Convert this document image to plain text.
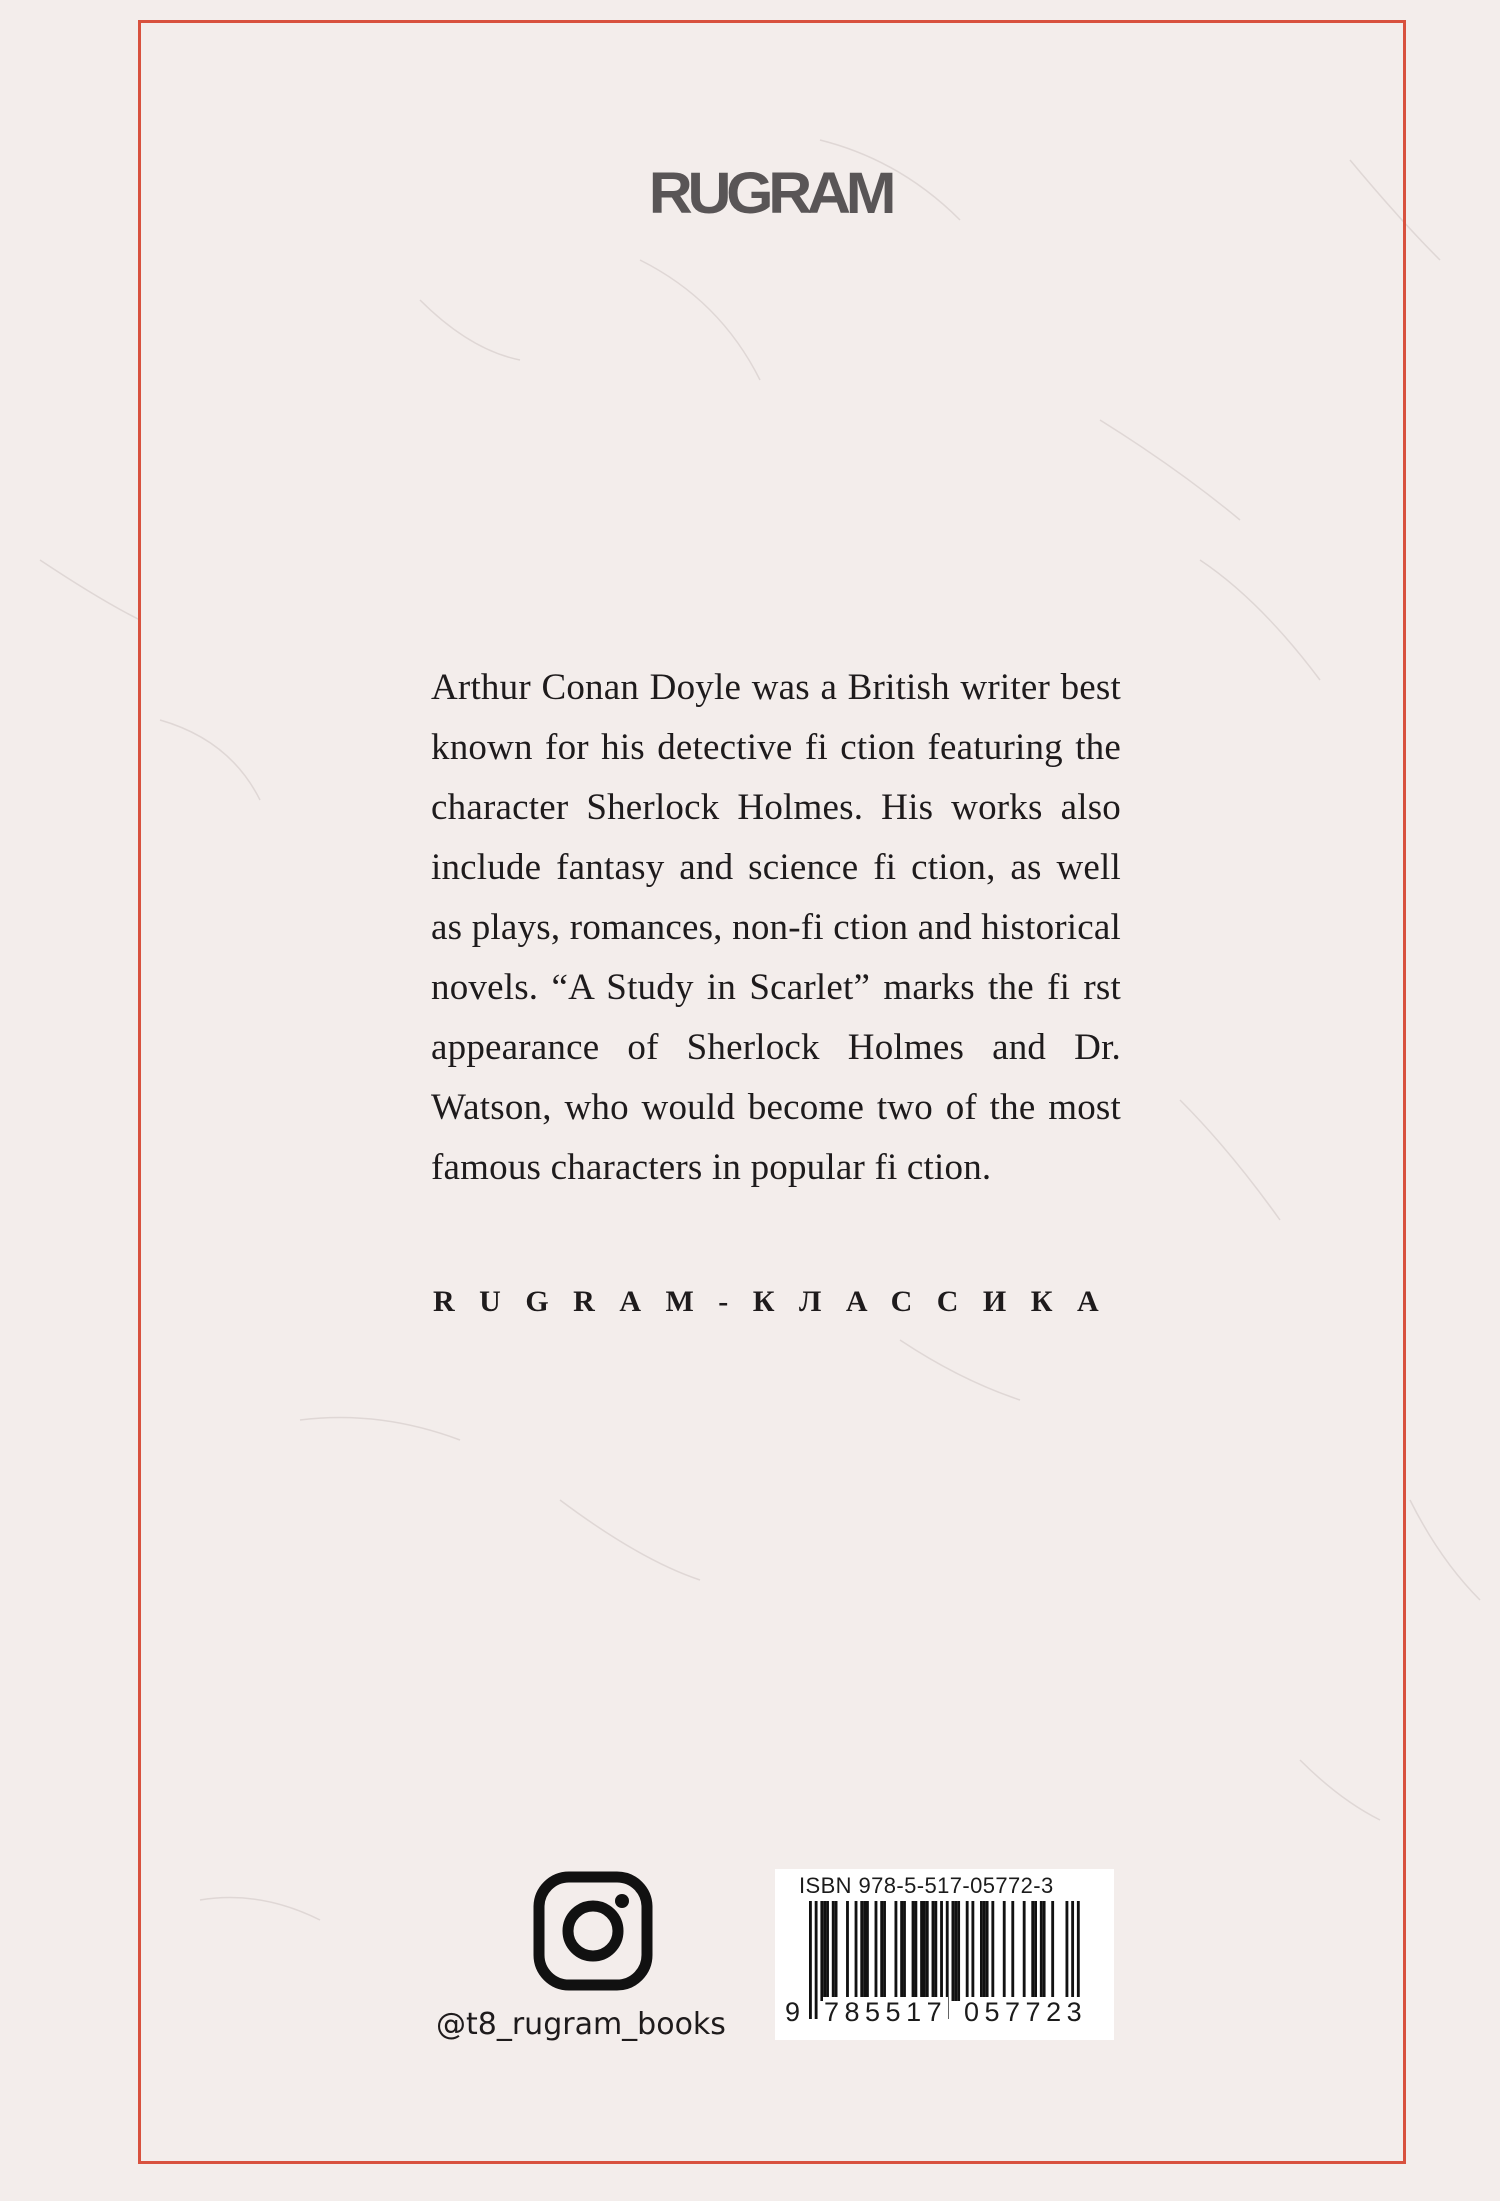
RUGRAM

Arthur Conan Doyle was a British writer best known for his detective fi ction featuring the character Sherlock Holmes. His works also include fantasy and science fi ction, as well as plays, romances, non-fi ction and historical novels. “A Study in Scarlet” marks the fi rst appearance of Sherlock Holmes and Dr. Watson, who would become two of the most famous characters in popular fi ction.

RUGRAM-КЛАССИКА

@t8_rugram_books
ISBN 978-5-517-05772-3
9 785517 057723
